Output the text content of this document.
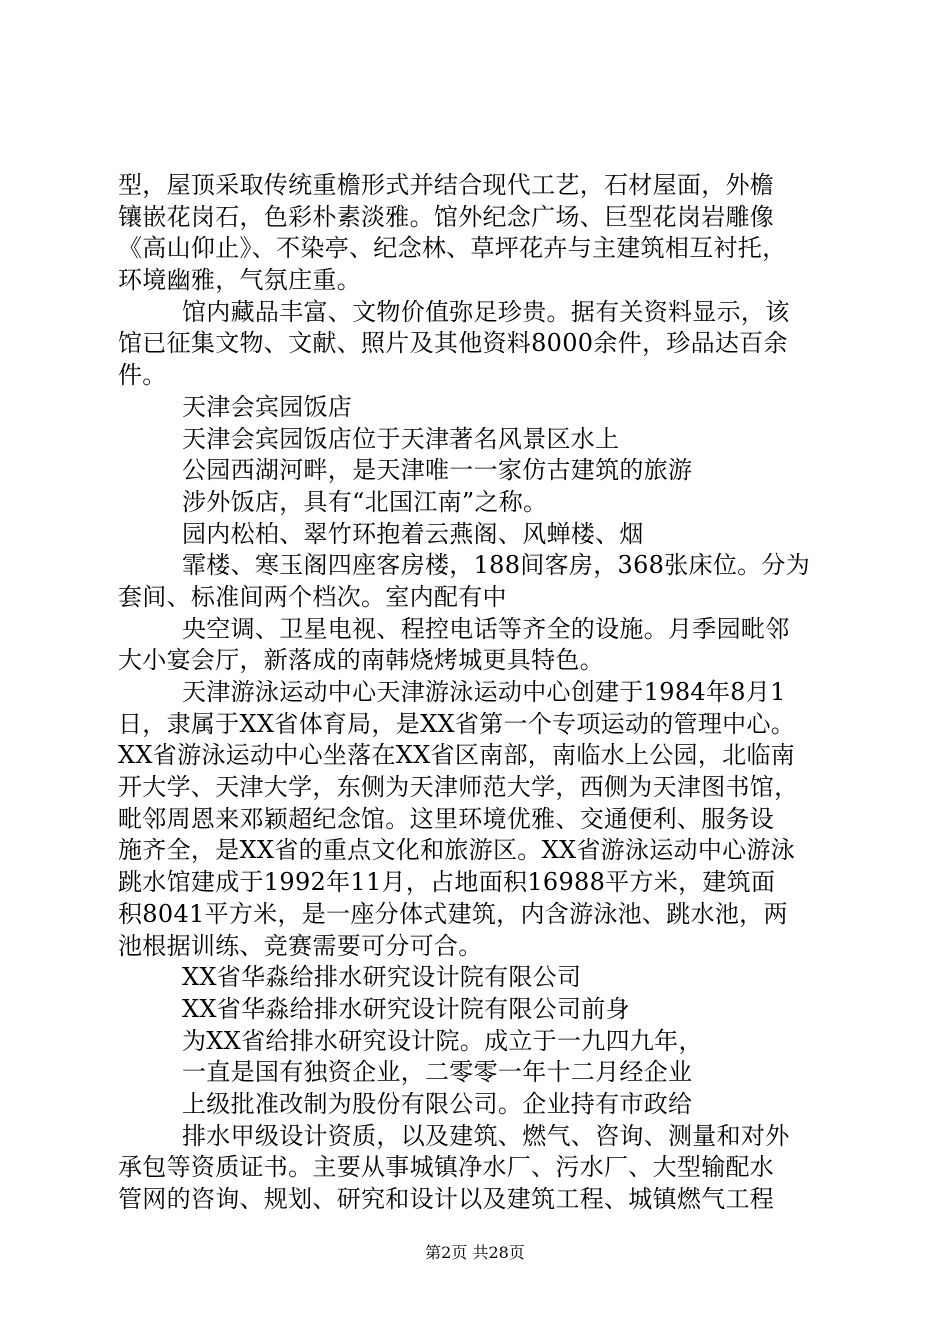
型，屋顶采取传统重檐形式并结合现代工艺，石材屋面，外檐
镶嵌花岗石，色彩朴素淡雅。馆外纪念广场、巨型花岗岩雕像
《高山仰止》、不染亭、纪念林、草坪花卉与主建筑相互衬托，
环境幽雅，气氛庄重。
馆内藏品丰富、文物价值弥足珍贵。据有关资料显示，该
馆已征集文物、文献、照片及其他资料8000余件，珍品达百余
件。
天津会宾园饭店
天津会宾园饭店位于天津著名风景区水上
公园西湖河畔，是天津唯一一家仿古建筑的旅游
涉外饭店，具有“北国江南”之称。
园内松柏、翠竹环抱着云燕阁、风蝉楼、烟
霏楼、寒玉阁四座客房楼，188间客房，368张床位。分为
套间、标准间两个档次。室内配有中
央空调、卫星电视、程控电话等齐全的设施。月季园毗邻
大小宴会厅，新落成的南韩烧烤城更具特色。
天津游泳运动中心天津游泳运动中心创建于1984年8月1
日，隶属于XX省体育局，是XX省第一个专项运动的管理中心。
XX省游泳运动中心坐落在XX省区南部，南临水上公园，北临南
开大学、天津大学，东侧为天津师范大学，西侧为天津图书馆，
毗邻周恩来邓颖超纪念馆。这里环境优雅、交通便利、服务设
施齐全，是XX省的重点文化和旅游区。XX省游泳运动中心游泳
跳水馆建成于1992年11月，占地面积16988平方米，建筑面
积8041平方米，是一座分体式建筑，内含游泳池、跳水池，两
池根据训练、竞赛需要可分可合。
XX省华淼给排水研究设计院有限公司
XX省华淼给排水研究设计院有限公司前身
为XX省给排水研究设计院。成立于一九四九年，
一直是国有独资企业，二零零一年十二月经企业
上级批准改制为股份有限公司。企业持有市政给
排水甲级设计资质，以及建筑、燃气、咨询、测量和对外
承包等资质证书。主要从事城镇净水厂、污水厂、大型输配水
管网的咨询、规划、研究和设计以及建筑工程、城镇燃气工程
第2页 共28页
